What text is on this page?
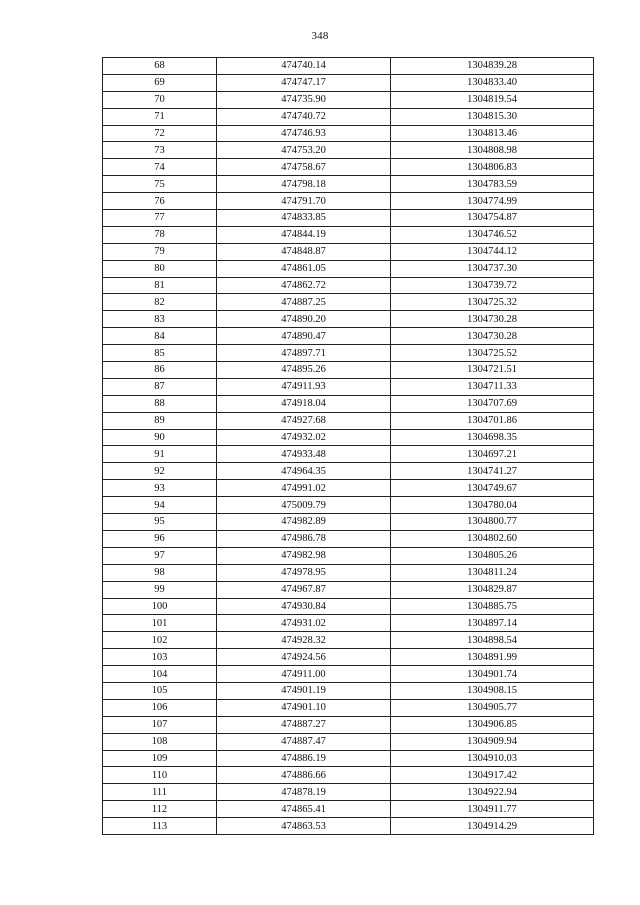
348
68	474740.14	1304839.28
69	474747.17	1304833.40
70	474735.90	1304819.54
71	474740.72	1304815.30
72	474746.93	1304813.46
73	474753.20	1304808.98
74	474758.67	1304806.83
75	474798.18	1304783.59
76	474791.70	1304774.99
77	474833.85	1304754.87
78	474844.19	1304746.52
79	474848.87	1304744.12
80	474861.05	1304737.30
81	474862.72	1304739.72
82	474887.25	1304725.32
83	474890.20	1304730.28
84	474890.47	1304730.28
85	474897.71	1304725.52
86	474895.26	1304721.51
87	474911.93	1304711.33
88	474918.04	1304707.69
89	474927.68	1304701.86
90	474932.02	1304698.35
91	474933.48	1304697.21
92	474964.35	1304741.27
93	474991.02	1304749.67
94	475009.79	1304780.04
95	474982.89	1304800.77
96	474986.78	1304802.60
97	474982.98	1304805.26
98	474978.95	1304811.24
99	474967.87	1304829.87
100	474930.84	1304885.75
101	474931.02	1304897.14
102	474928.32	1304898.54
103	474924.56	1304891.99
104	474911.00	1304901.74
105	474901.19	1304908.15
106	474901.10	1304905.77
107	474887.27	1304906.85
108	474887.47	1304909.94
109	474886.19	1304910.03
110	474886.66	1304917.42
111	474878.19	1304922.94
112	474865.41	1304911.77
113	474863.53	1304914.29
